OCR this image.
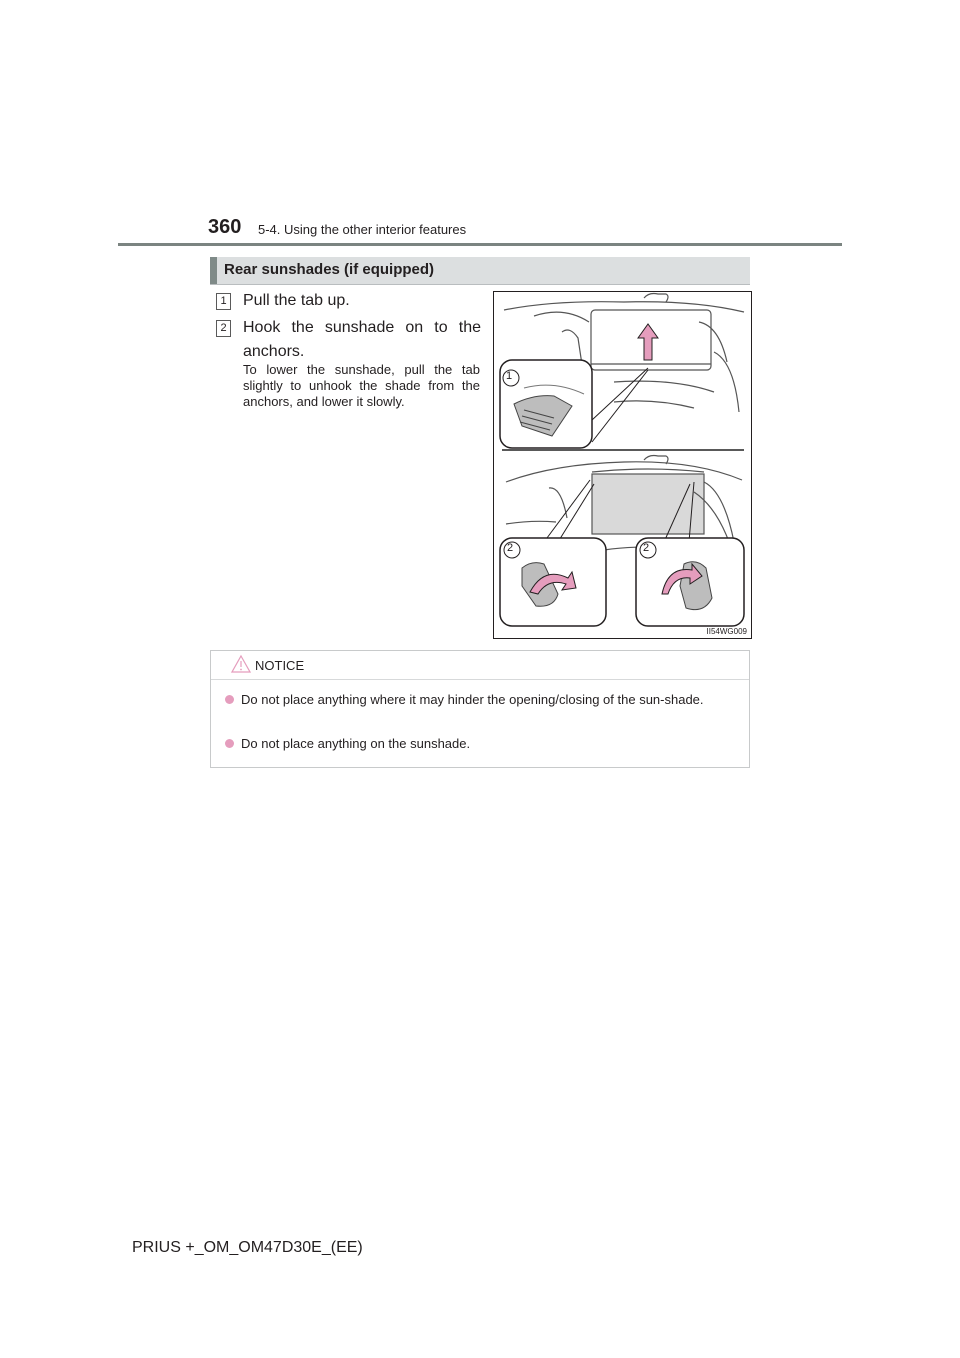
360 5-4. Using the other interior features
Rear sunshades (if equipped)
1 Pull the tab up.
2 Hook the sunshade on to the anchors.
To lower the sunshade, pull the tab slightly to unhook the shade from the anchors, and lower it slowly.
1
2	2
II54WG009
NOTICE
Do not place anything where it may hinder the opening/closing of the sun-shade.
Do not place anything on the sunshade.
PRIUS +_OM_OM47D30E_(EE)
